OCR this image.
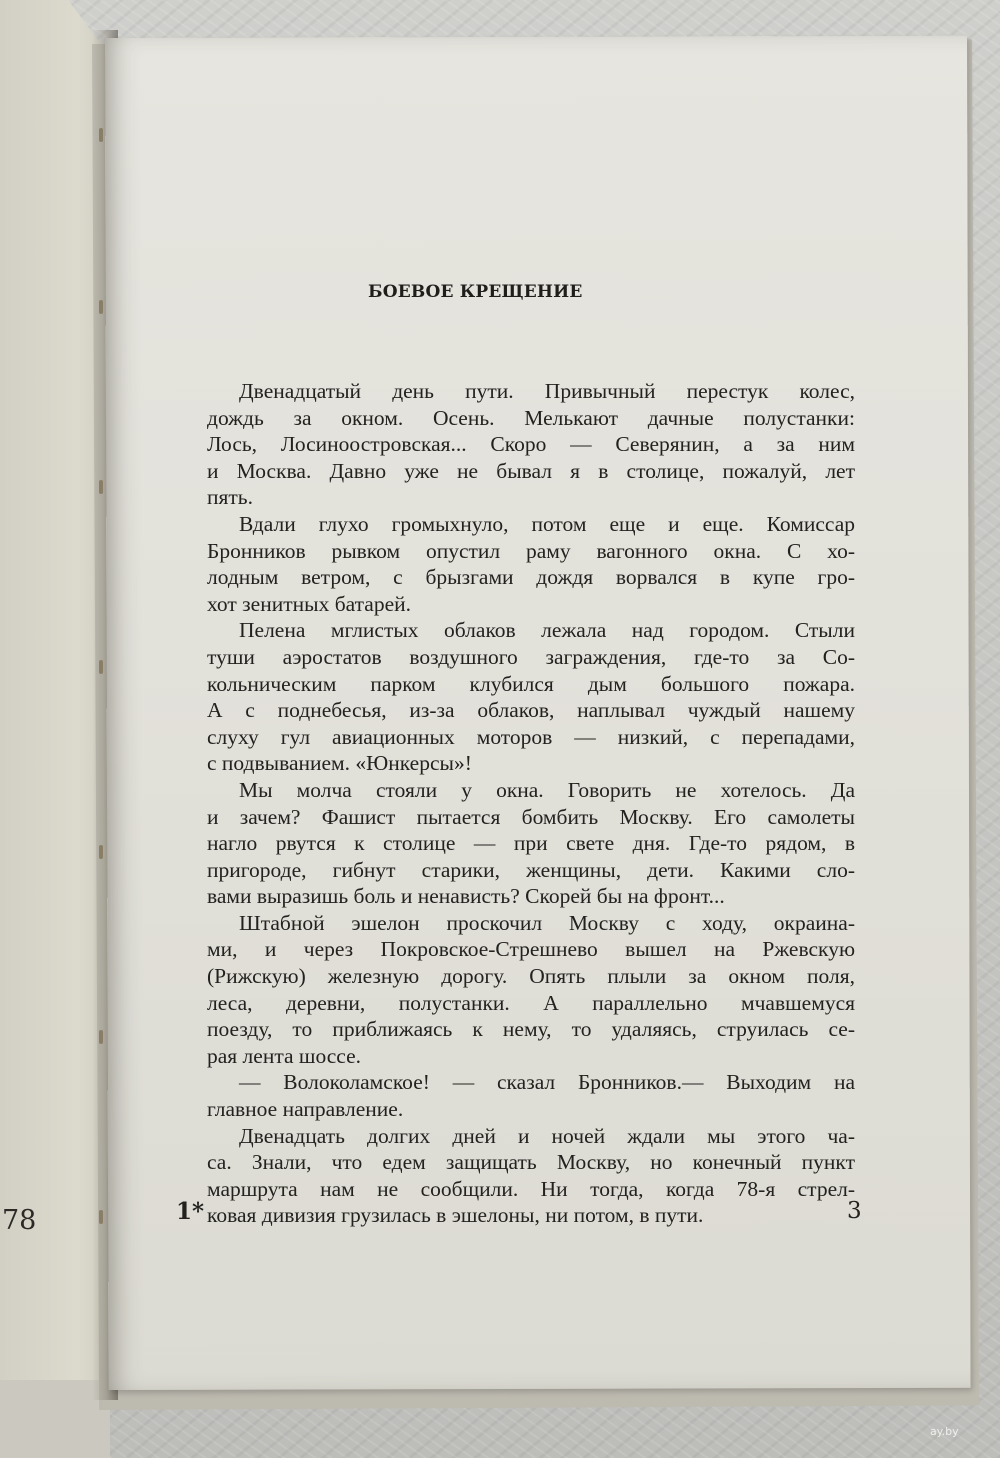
78
БОЕВОЕ КРЕЩЕНИЕ
Двенадцатый день пути. Привычный перестук колес,
дождь за окном. Осень. Мелькают дачные полустанки:
Лось, Лосиноостровская... Скоро — Северянин, а за ним
и Москва. Давно уже не бывал я в столице, пожалуй, лет
пять.
Вдали глухо громыхнуло, потом еще и еще. Комиссар
Бронников рывком опустил раму вагонного окна. С хо-
лодным ветром, с брызгами дождя ворвался в купе гро-
хот зенитных батарей.
Пелена мглистых облаков лежала над городом. Стыли
туши аэростатов воздушного заграждения, где-то за Со-
кольническим парком клубился дым большого пожара.
А с поднебесья, из-за облаков, наплывал чуждый нашему
слуху гул авиационных моторов — низкий, с перепадами,
с подвыванием. «Юнкерсы»!
Мы молча стояли у окна. Говорить не хотелось. Да
и зачем? Фашист пытается бомбить Москву. Его самолеты
нагло рвутся к столице — при свете дня. Где-то рядом, в
пригороде, гибнут старики, женщины, дети. Какими сло-
вами выразишь боль и ненависть? Скорей бы на фронт...
Штабной эшелон проскочил Москву с ходу, окраина-
ми, и через Покровское-Стрешнево вышел на Ржевскую
(Рижскую) железную дорогу. Опять плыли за окном поля,
леса, деревни, полустанки. А параллельно мчавшемуся
поезду, то приближаясь к нему, то удаляясь, струилась се-
рая лента шоссе.
— Волоколамское! — сказал Бронников.— Выходим на
главное направление.
Двенадцать долгих дней и ночей ждали мы этого ча-
са. Знали, что едем защищать Москву, но конечный пункт
маршрута нам не сообщили. Ни тогда, когда 78-я стрел-
ковая дивизия грузилась в эшелоны, ни потом, в пути.
1*	3
ay.by
